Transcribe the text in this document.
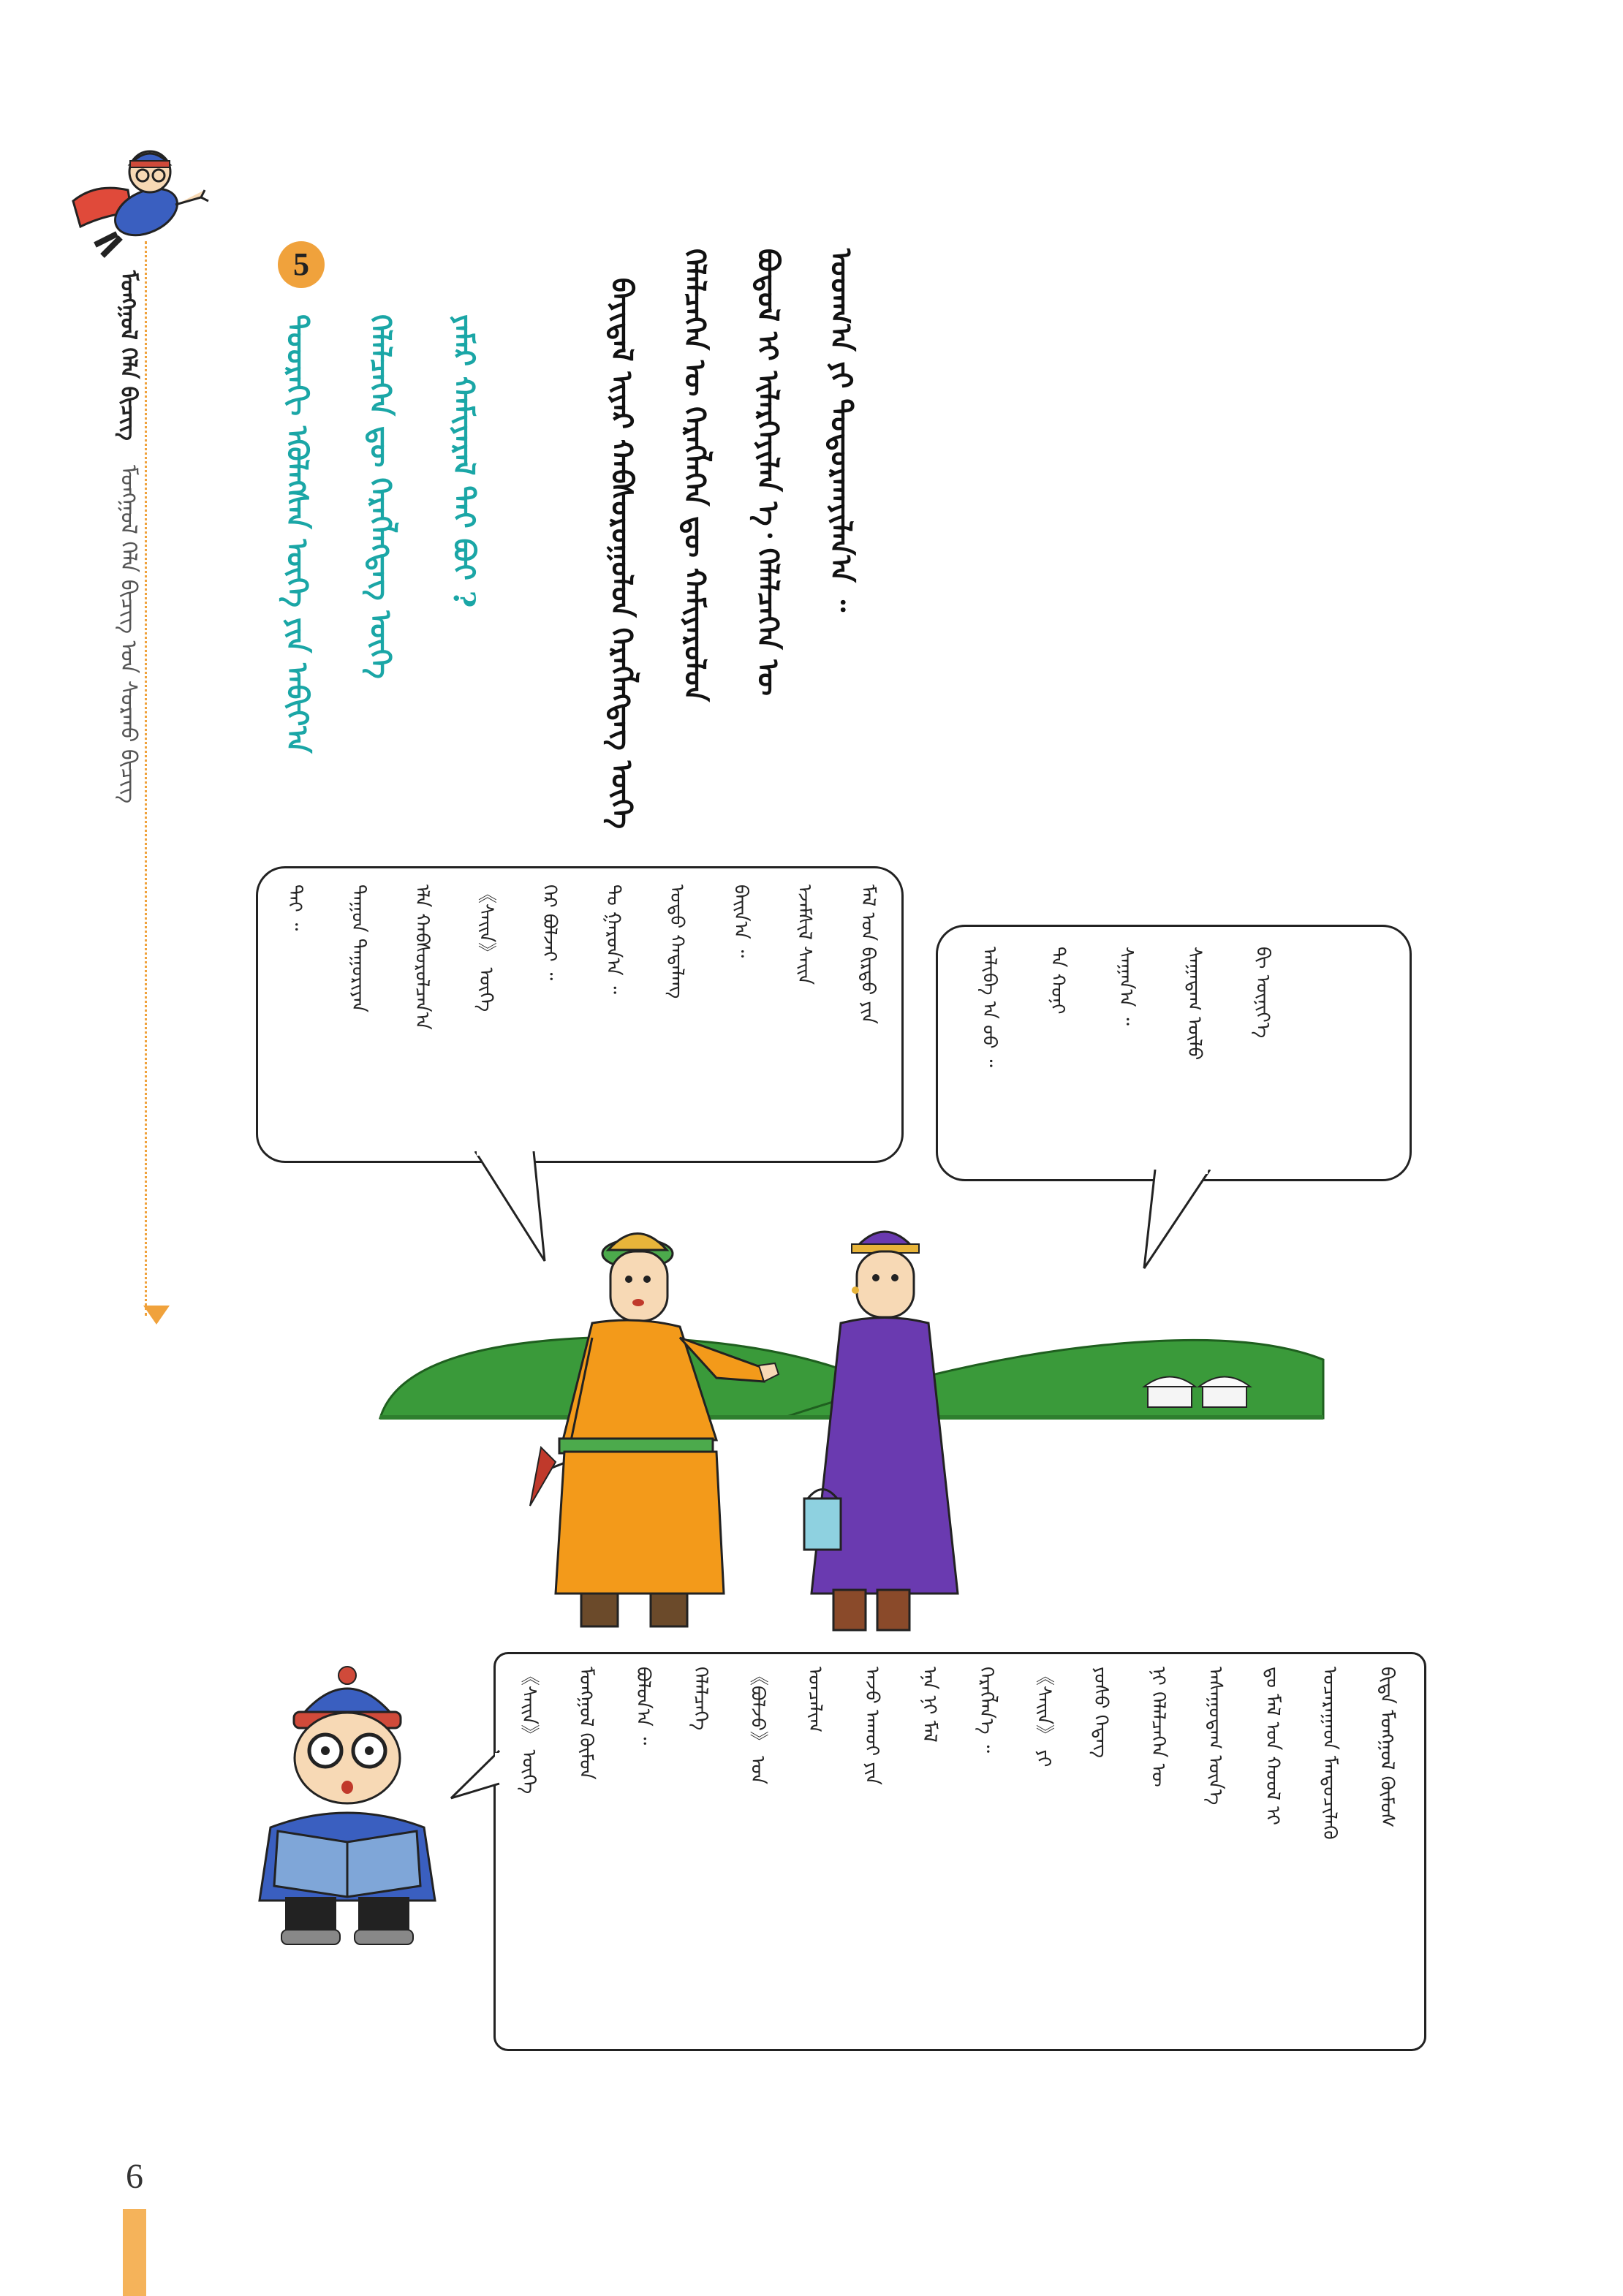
ᠮᠣᠩᠭᠣᠯ ᠬᠡᠯᠡ ᠪᠢᠴᠢᠭ ᠮᠣᠩᠭᠣᠯ ᠬᠡᠯᠡ ᠪᠢᠴᠢᠭ ᠤᠨ ᠰᠤᠷᠬᠤ ᠪᠢᠴᠢᠭ
5
ᠳᠣᠣᠷᠠᠬᠢ ᠡᠭᠦᠯᠡᠭᠰᠡᠨ ᠦᠭᠡ ᠶᠢᠨ ᠠᠪᠢᠶ᠎ᠠ ᠬᠡᠯᠡᠯᠴᠡᠭᠡᠨ ᠳᠦ ᠬᠡᠷᠡᠭᠯᠡᠭᠳᠡᠭ ᠦᠭᠡ ᠶᠠᠮᠠᠷ ᠬᠠᠮᠢᠶᠠᠷᠠᠯ ᠲᠠᠢ ᠪᠤᠢ ?	ᠪᠠᠶᠢᠳᠠᠯ ᠢᠶᠠᠷ ᠬᠠᠪᠰᠤᠷᠤᠭᠤᠯᠤᠨ ᠬᠡᠷᠡᠭᠯᠡᠭᠳᠡᠭ ᠦᠭᠡ ᠬᠡᠯᠡᠯᠴᠡᠭᠡᠨ ᠦ ᠬᠡᠷᠡᠭᠯᠡᠭᠡᠨ ᠳᠦ ᠬᠠᠮᠢᠶᠠᠷᠤᠯᠤᠨ ᠪᠣᠳᠤᠯ ᠢ ᠢᠯᠡᠷᠬᠡᠶᠢᠯᠡᠨ ᠡ᠂ ᠬᠡᠯᠡᠯᠴᠡᠭᠡᠨ ᠦ ᠤᠳᠬ᠎ᠠ ᠶᠢ ᠲᠣᠳᠣᠷᠬᠠᠶᠢᠯᠠᠨ᠎ᠠ ᠃
ᠲᠡᠢ ᠃ ᠳᠠᠭᠤᠨ ᠳᠠᠭᠤᠷᠢᠶᠠᠨ ᠡᠯᠡ ᠬᠠᠪᠰᠤᠷᠤᠯᠴᠠᠨ᠎ᠠ 《ᠰᠠᠢᠨ》 ᠦᠭᠡ ᠬᠡᠷ ᠪᠣᠯᠵᠠᠢ ᠃ ᠲᠤ ᠭᠠᠷᠤᠨ᠎ᠠ ᠃ ᠣᠳᠣ ᠬᠠᠳᠠᠯᠠᠩ ᠪᠠᠢᠨ᠎ᠠ ᠃ ᠡᠵᠡᠮᠰᠢᠯ ᠰᠠᠢᠨ ᠮᠠᠯ ᠤᠨ ᠪᠢᠷᠳᠤ ᠶᠢᠨ	ᠠᠯᠢᠪᠠ ᠠ ᠤᠤ ᠃ ᠲᠠ ᠬᠣᠨᠢ ᠰᠠᠭᠠᠨ᠎ᠠ ᠃ ᠰᠠᠭᠠᠳᠠᠭ ᠦᠯᠦ ᠪᠢ ᠦᠨᠢᠶ᠎ᠡ
《ᠰᠠᠢᠨ》 ᠦᠭᠡ ᠮᠣᠩᠭᠣᠯ ᠬᠦᠮᠦᠨ ᠪᠣᠯᠤᠨ᠎ᠠ ᠃ ᠬᠡᠯᠡᠯᠴᠡᠭᠡ 《ᠪᠣᠯᠵᠤ》 ᠤᠨ ᠣᠨᠴᠠᠯᠢᠭ ᠠᠵᠤ ᠠᠬᠤᠢ ᠶᠢᠨ ᠡᠨᠡ ᠨᠢ ᠮᠠᠯ ᠬᠡᠷᠡᠭᠯᠡᠨ᠎ᠡ ᠃ 《ᠰᠠᠢᠨ》 ᠶᠢ ᠶᠣᠰᠣ ᠭᠡᠳᠡᠭ ᠨᠢ ᠬᠡᠯᠡᠯᠴᠡᠭᠡᠨ ᠦ ᠠᠰᠠᠭᠤᠳᠠᠭ ᠦᠨ᠎ᠡ ᠳᠤ ᠮᠠᠯ ᠤᠨ ᠬᠣᠣᠯ ᠢ ᠤᠴᠠᠷᠠᠭᠠᠳ ᠮᠡᠨᠳᠦᠴᠢᠯᠡᠬᠦ ᠪᠢᠳᠡ ᠮᠣᠩᠭᠣᠯ ᠬᠦᠮᠦᠰ
6
